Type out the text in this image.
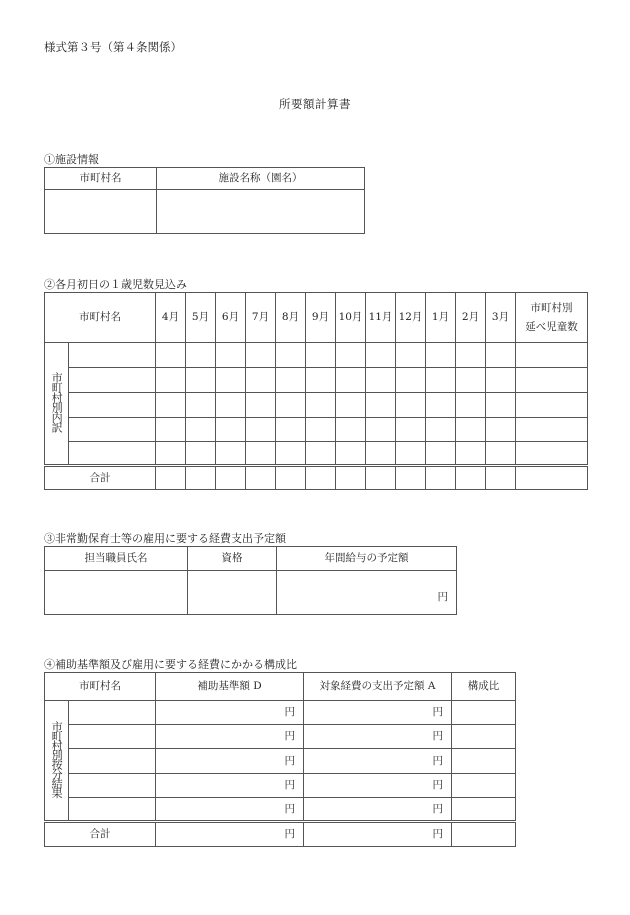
様式第３号（第４条関係）
所要額計算書
①施設情報
市町村名	施設名称（園名）

②各月初日の１歳児数見込み
市町村名		4月	5月	6月	7月	8月	9月	10月	11月	12月	1月	2月	3月	市町村別
延べ児童数

市町村別内訳														

合計														
③非常勤保育士等の雇用に要する経費支出予定額
担当職員氏名	資格	年間給与の予定額
		円
④補助基準額及び雇用に要する経費にかかる構成比
市町村名		補助基準額 D	対象経費の支出予定額 A	構成比
市町村別按分結果		円	円	
		円	円	
		円	円	
		円	円	
		円	円	
合計		円	円	
